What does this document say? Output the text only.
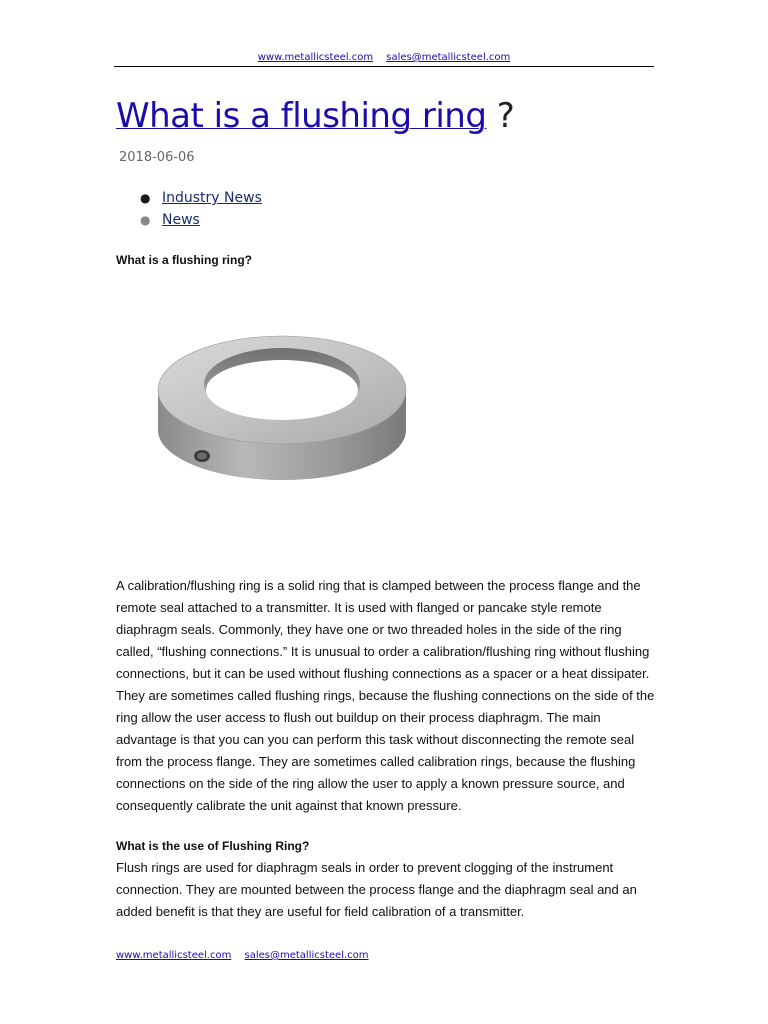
www.metallicsteel.com sales@metallicsteel.com
What is a flushing ring ?
2018-06-06
● Industry News
● News
What is a flushing ring?

A calibration/flushing ring is a solid ring that is clamped between the process flange and the remote seal attached to a transmitter. It is used with flanged or pancake style remote diaphragm seals. Commonly, they have one or two threaded holes in the side of the ring called, “flushing connections.” It is unusual to order a calibration/flushing ring without flushing connections, but it can be used without flushing connections as a spacer or a heat dissipater. They are sometimes called flushing rings, because the flushing connections on the side of the ring allow the user access to flush out buildup on their process diaphragm. The main advantage is that you can you can perform this task without disconnecting the remote seal from the process flange. They are sometimes called calibration rings, because the flushing connections on the side of the ring allow the user to apply a known pressure source, and consequently calibrate the unit against that known pressure.

What is the use of Flushing Ring?

Flush rings are used for diaphragm seals in order to prevent clogging of the instrument connection. They are mounted between the process flange and the diaphragm seal and an added benefit is that they are useful for field calibration of a transmitter.

www.metallicsteel.com sales@metallicsteel.com
